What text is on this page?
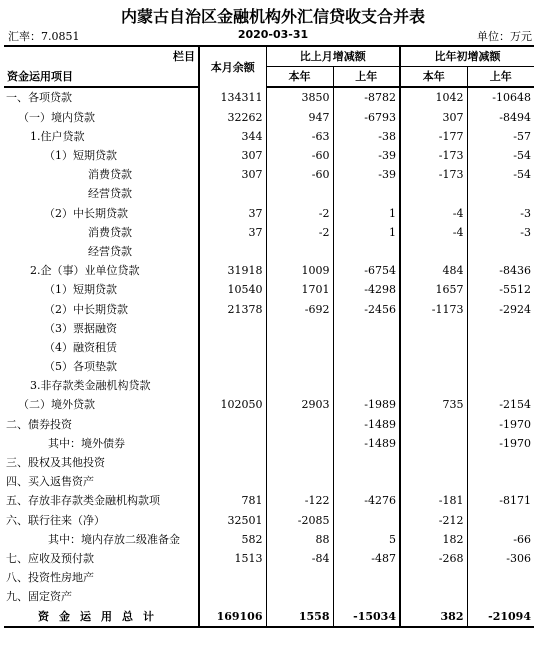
内蒙古自治区金融机构外汇信贷收支合并表
汇率：7.0851	2020-03-31	单位：万元
栏目	本月余额	比上月增减额		比年初增减额	
资金运用项目		本年	上年	本年	上年
一、各项贷款	134311	3850	-8782	1042	-10648
（一）境内贷款	32262	947	-6793	307	-8494
1.住户贷款	344	-63	-38	-177	-57
（1）短期贷款	307	-60	-39	-173	-54
消费贷款	307	-60	-39	-173	-54
经营贷款					
（2）中长期贷款	37	-2	1	-4	-3
消费贷款	37	-2	1	-4	-3
经营贷款					
2.企（事）业单位贷款	31918	1009	-6754	484	-8436
（1）短期贷款	10540	1701	-4298	1657	-5512
（2）中长期贷款	21378	-692	-2456	-1173	-2924
（3）票据融资					
（4）融资租赁					
（5）各项垫款					
3.非存款类金融机构贷款					
（二）境外贷款	102050	2903	-1989	735	-2154
二、债券投资			-1489		-1970
其中：境外债券			-1489		-1970
三、股权及其他投资					
四、买入返售资产					
五、存放非存款类金融机构款项	781	-122	-4276	-181	-8171
六、联行往来（净）	32501	-2085		-212	
其中：境内存放二级准备金	582	88	5	182	-66
七、应收及预付款	1513	-84	-487	-268	-306
八、投资性房地产					
九、固定资产					
资金运用总计	169106	1558	-15034	382	-21094
